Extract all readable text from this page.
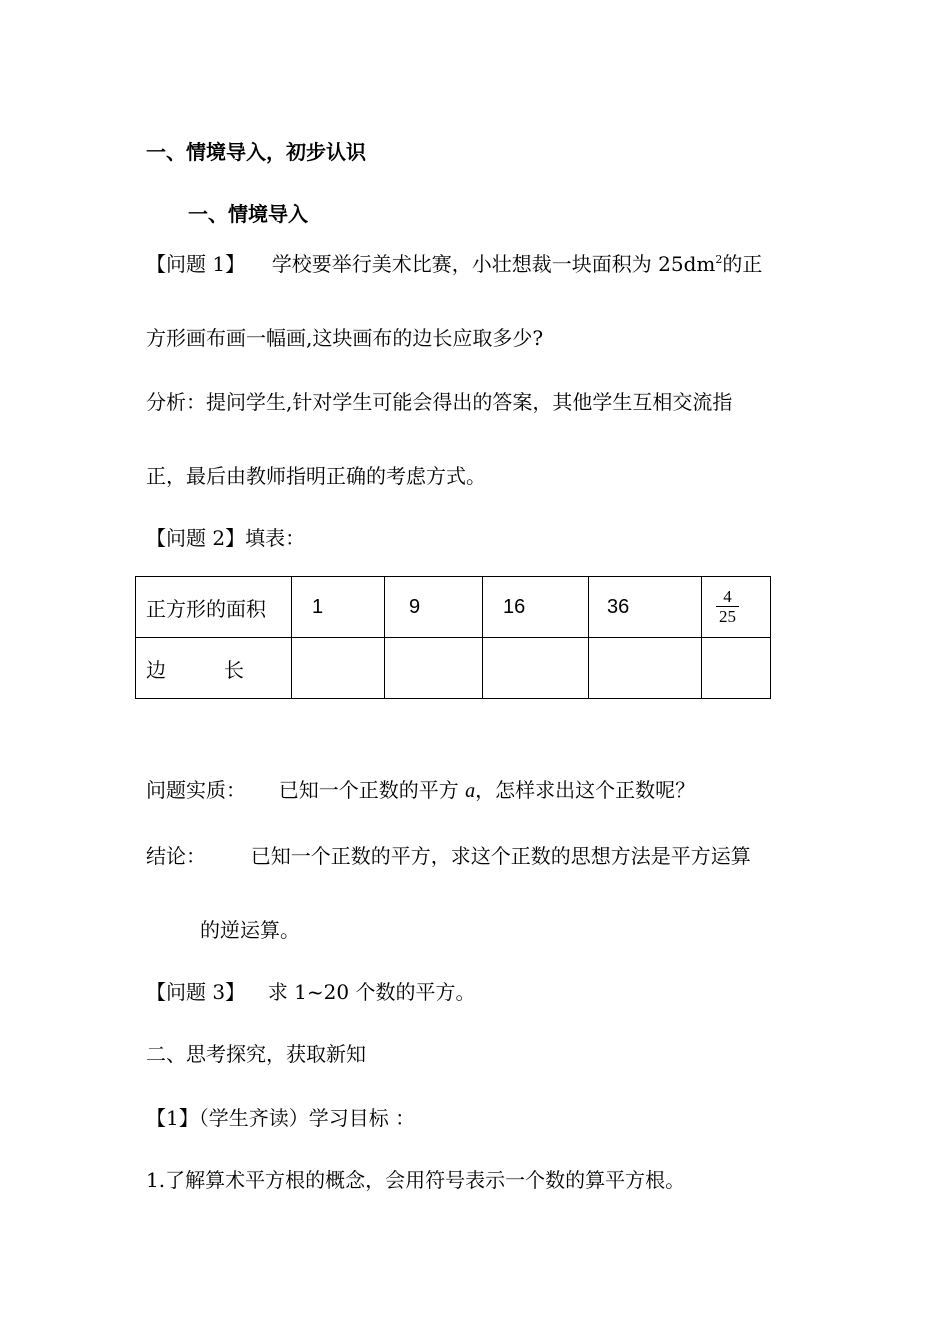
一、情境导入，初步认识
一、情境导入
【问题 1】 学校要举行美术比赛，小壮想裁一块面积为 $25dm^2$的正
方形画布画一幅画,这块画布的边长应取多少?
分析：提问学生,针对学生可能会得出的答案，其他学生互相交流指
正，最后由教师指明正确的考虑方式。
【问题 2】填表：
正方形的面积	1	9	16	36	$\frac{4}{25}$

边 长					
问题实质： 已知一个正数的平方 a，怎样求出这个正数呢？
结论： 已知一个正数的平方，求这个正数的思想方法是平方运算
的逆运算。
【问题 3】 求 1~20 个数的平方。
二、思考探究，获取新知
【1】（学生齐读）学习目标 ：
1.了解算术平方根的概念，会用符号表示一个数的算平方根。
